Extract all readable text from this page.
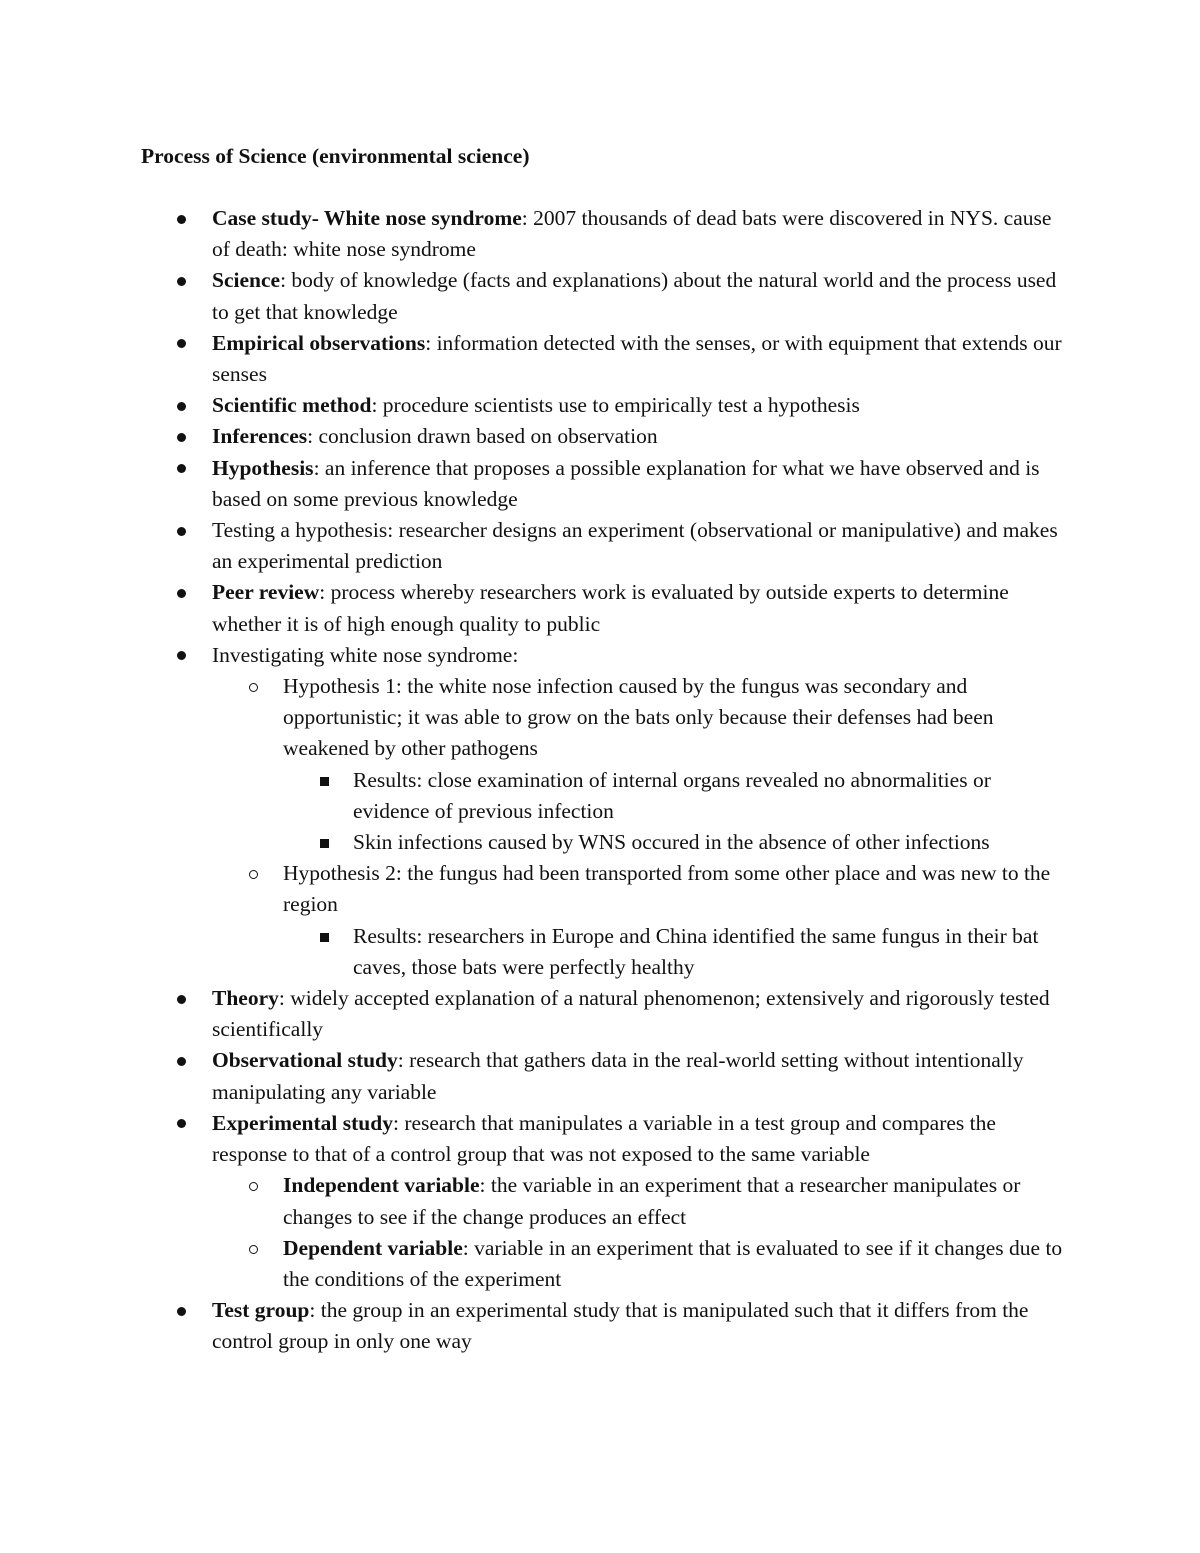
Process of Science (environmental science)
Case study- White nose syndrome: 2007 thousands of dead bats were discovered in NYS. cause of death: white nose syndrome
Science: body of knowledge (facts and explanations) about the natural world and the process used to get that knowledge
Empirical observations: information detected with the senses, or with equipment that extends our senses
Scientific method: procedure scientists use to empirically test a hypothesis
Inferences: conclusion drawn based on observation
Hypothesis: an inference that proposes a possible explanation for what we have observed and is based on some previous knowledge
Testing a hypothesis: researcher designs an experiment (observational or manipulative) and makes an experimental prediction
Peer review: process whereby researchers work is evaluated by outside experts to determine whether it is of high enough quality to public
Investigating white nose syndrome:
Hypothesis 1: the white nose infection caused by the fungus was secondary and opportunistic; it was able to grow on the bats only because their defenses had been weakened by other pathogens
Results: close examination of internal organs revealed no abnormalities or evidence of previous infection
Skin infections caused by WNS occured in the absence of other infections
Hypothesis 2: the fungus had been transported from some other place and was new to the region
Results: researchers in Europe and China identified the same fungus in their bat caves, those bats were perfectly healthy
Theory: widely accepted explanation of a natural phenomenon; extensively and rigorously tested scientifically
Observational study: research that gathers data in the real-world setting without intentionally manipulating any variable
Experimental study: research that manipulates a variable in a test group and compares the response to that of a control group that was not exposed to the same variable
Independent variable: the variable in an experiment that a researcher manipulates or changes to see if the change produces an effect
Dependent variable: variable in an experiment that is evaluated to see if it changes due to the conditions of the experiment
Test group: the group in an experimental study that is manipulated such that it differs from the control group in only one way
